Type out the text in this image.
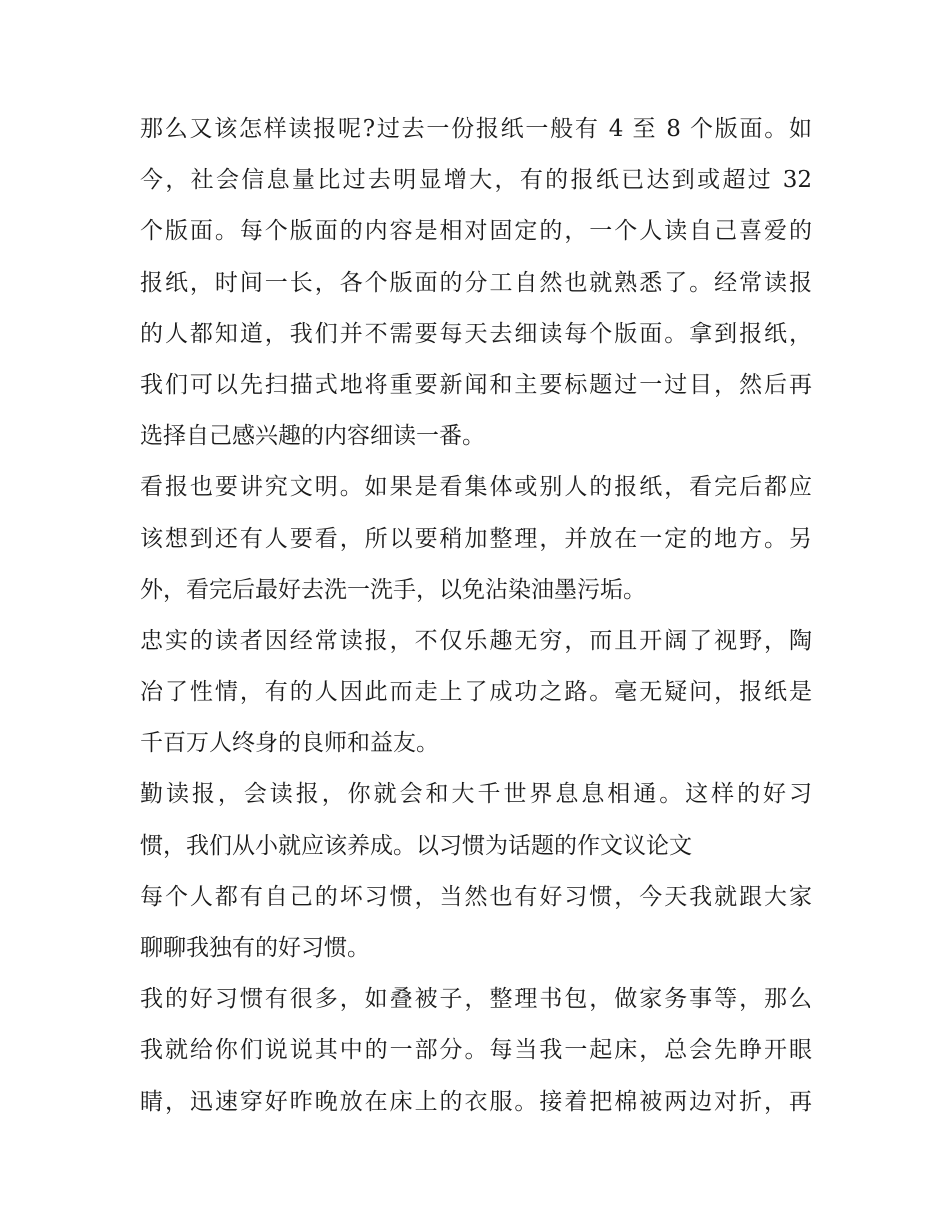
那么又该怎样读报呢?过去一份报纸一般有 4 至 8 个版面。如
今，社会信息量比过去明显增大，有的报纸已达到或超过 32
个版面。每个版面的内容是相对固定的，一个人读自己喜爱的
报纸，时间一长，各个版面的分工自然也就熟悉了。经常读报
的人都知道，我们并不需要每天去细读每个版面。拿到报纸，
我们可以先扫描式地将重要新闻和主要标题过一过目，然后再
选择自己感兴趣的内容细读一番。
看报也要讲究文明。如果是看集体或别人的报纸，看完后都应
该想到还有人要看，所以要稍加整理，并放在一定的地方。另
外，看完后最好去洗一洗手，以免沾染油墨污垢。
忠实的读者因经常读报，不仅乐趣无穷，而且开阔了视野，陶
冶了性情，有的人因此而走上了成功之路。毫无疑问，报纸是
千百万人终身的良师和益友。
勤读报，会读报，你就会和大千世界息息相通。这样的好习
惯，我们从小就应该养成。以习惯为话题的作文议论文
每个人都有自己的坏习惯，当然也有好习惯，今天我就跟大家
聊聊我独有的好习惯。
我的好习惯有很多，如叠被子，整理书包，做家务事等，那么
我就给你们说说其中的一部分。每当我一起床，总会先睁开眼
睛，迅速穿好昨晚放在床上的衣服。接着把棉被两边对折，再
